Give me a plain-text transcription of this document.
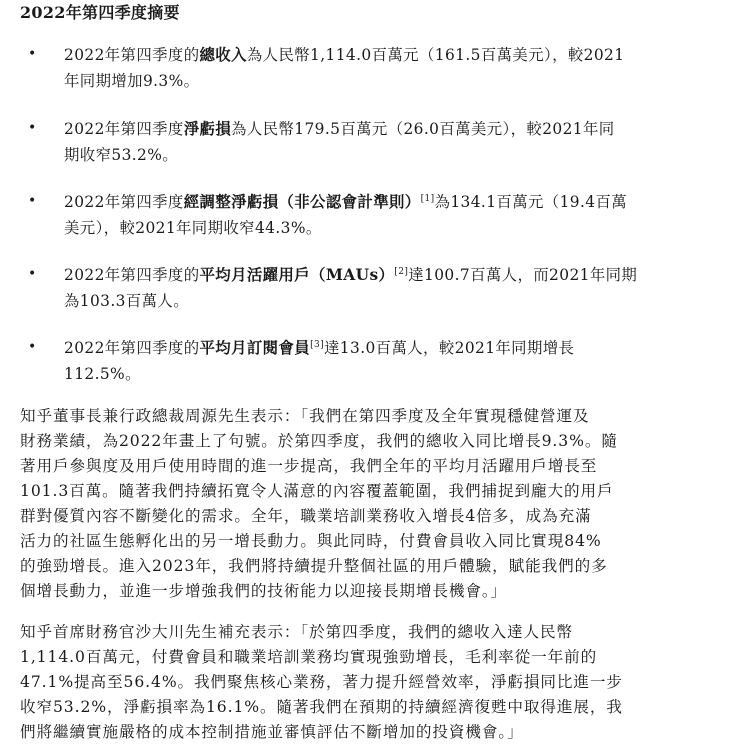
2022年第四季度摘要
• 2022年第四季度的總收入為人民幣1,114.0百萬元（161.5百萬美元），較2021
年同期增加9.3%。
• 2022年第四季度淨虧損為人民幣179.5百萬元（26.0百萬美元），較2021年同
期收窄53.2%。
• 2022年第四季度經調整淨虧損（非公認會計準則）[1]為134.1百萬元（19.4百萬
美元），較2021年同期收窄44.3%。
• 2022年第四季度的平均月活躍用戶（MAUs）[2]達100.7百萬人，而2021年同期
為103.3百萬人。
• 2022年第四季度的平均月訂閱會員[3]達13.0百萬人，較2021年同期增長
112.5%。
知乎董事長兼行政總裁周源先生表示：「我們在第四季度及全年實現穩健營運及
財務業績，為2022年畫上了句號。於第四季度，我們的總收入同比增長9.3%。隨
著用戶參與度及用戶使用時間的進一步提高，我們全年的平均月活躍用戶增長至
101.3百萬。隨著我們持續拓寬令人滿意的內容覆蓋範圍，我們捕捉到龐大的用戶
群對優質內容不斷變化的需求。全年，職業培訓業務收入增長4倍多，成為充滿
活力的社區生態孵化出的另一增長動力。與此同時，付費會員收入同比實現84%
的強勁增長。進入2023年，我們將持續提升整個社區的用戶體驗，賦能我們的多
個增長動力，並進一步增強我們的技術能力以迎接長期增長機會。」
知乎首席財務官沙大川先生補充表示：「於第四季度，我們的總收入達人民幣
1,114.0百萬元，付費會員和職業培訓業務均實現強勁增長，毛利率從一年前的
47.1%提高至56.4%。我們聚焦核心業務，著力提升經營效率，淨虧損同比進一步
收窄53.2%，淨虧損率為16.1%。隨著我們在預期的持續經濟復甦中取得進展，我
們將繼續實施嚴格的成本控制措施並審慎評估不斷增加的投資機會。」
